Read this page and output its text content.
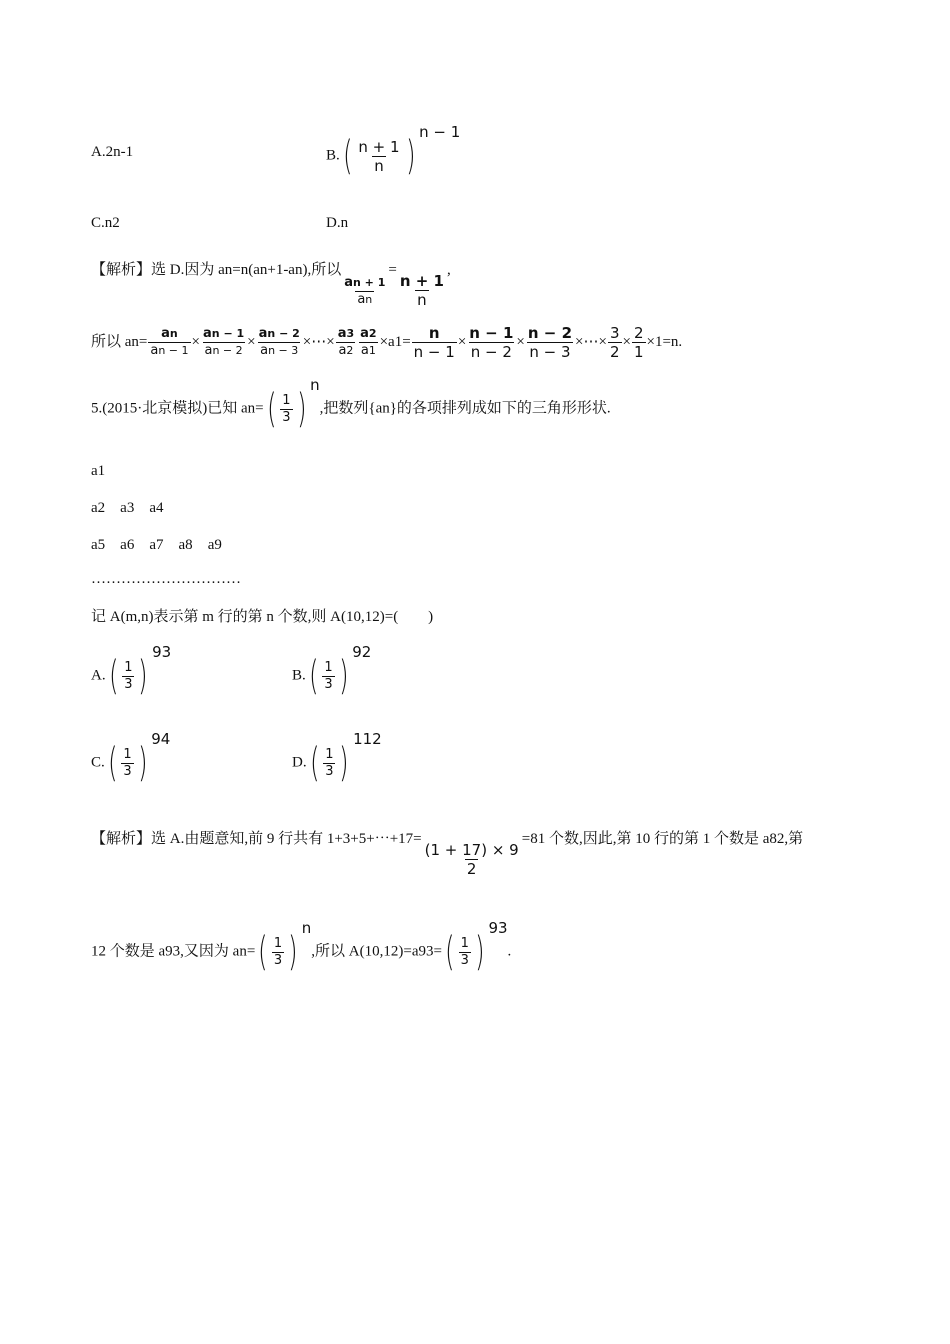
A.2n-1	B. ( $\frac{n + 1}{n}$ )
n − 1
C.n2	D.n
【解析】选 D.因为 an=n(an+1-an),所以
$\frac{an + 1}{an}$
=
$\frac{n + 1}{n}$
,
所以 $an= \frac{an}{an - 1} \times \frac{an - 1}{an - 2} \times \frac{an - 2}{an - 3}$ ×⋯× $\frac{a3}{a2} \frac{a2}{a1} \times a1= \frac{n}{n - 1} \times \frac{n - 1}{n - 2} \times \frac{n - 2}{n - 3}$ ×⋯× $\frac{3}{2} \times \frac{2}{1} \times 1=n$.
5.(2015·北京模拟)已知 an= ( $\frac{1}{3}$ )
n,把数列{an}的各项排列成如下的三角形形状.
a1
a2 a3 a4
a5 a6 a7 a8 a9
…………………………
记 A(m,n)表示第 m 行的第 n 个数,则 A(10,12)=(        )
A. ( $\frac{1}{3}$ )
93
B. ( $\frac{1}{3}$ )
92
C. ( $\frac{1}{3}$ )
94
D. ( $\frac{1}{3}$ )
112
【解析】选 A.由题意知,前 9 行共有 1+3+5+⋯+17=
$\frac{(1 + 17) \times 9}{2}$
=81 个数,因此,第 10 行的第 1 个数是 a82,第
12 个数是 a93,又因为 an= ( $\frac{1}{3}$ )
n,所以 A(10,12)=a93= ( $\frac{1}{3}$ )
93.
